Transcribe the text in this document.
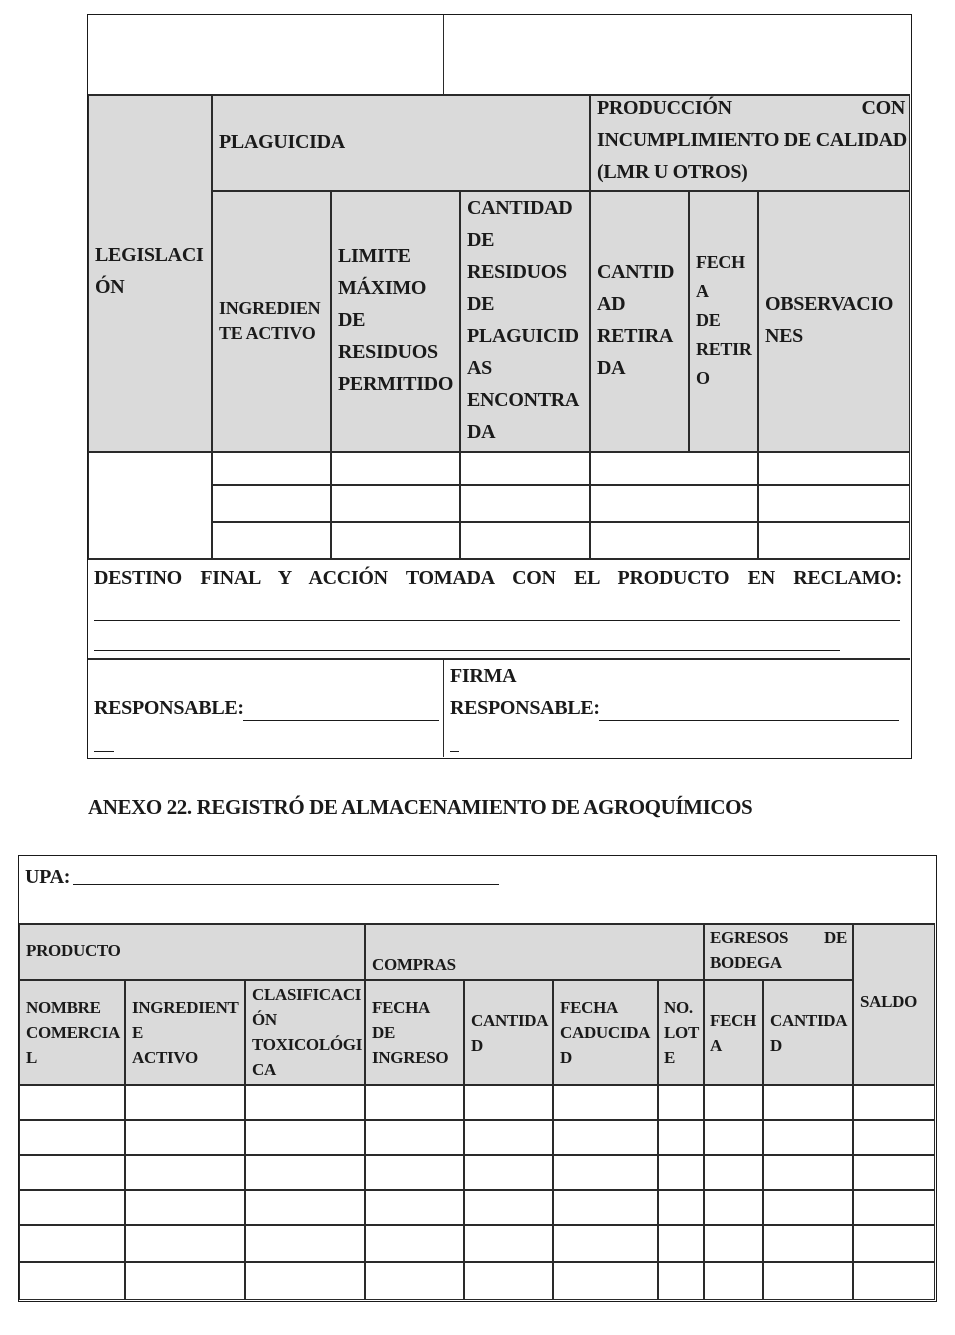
LEGISLACI
ÓN
PLAGUICIDA
PRODUCCIÓN CON
INCUMPLIMIENTO DE CALIDAD
(LMR U OTROS)
INGREDIEN
TE ACTIVO
LIMITE
MÁXIMO
DE
RESIDUOS
PERMITIDO
CANTIDAD
DE
RESIDUOS
DE
PLAGUICID
AS
ENCONTRA
DA
CANTID
AD
RETIRA
DA
FECH
A
DE
RETIR
O
OBSERVACIO
NES
DESTINO FINAL Y ACCIÓN TOMADA CON EL PRODUCTO EN RECLAMO:
RESPONSABLE:
FIRMA
RESPONSABLE:
ANEXO 22. REGISTRÓ DE ALMACENAMIENTO DE AGROQUÍMICOS
UPA:
PRODUCTO
COMPRAS
EGRESOS DE
BODEGA
SALDO
NOMBRE
COMERCIA
L
INGREDIENT
E
ACTIVO
CLASIFICACI
ÓN
TOXICOLÓGI
CA
FECHA
DE
INGRESO
CANTIDA
D
FECHA
CADUCIDA
D
NO.
LOT
E
FECH
A
CANTIDA
D
